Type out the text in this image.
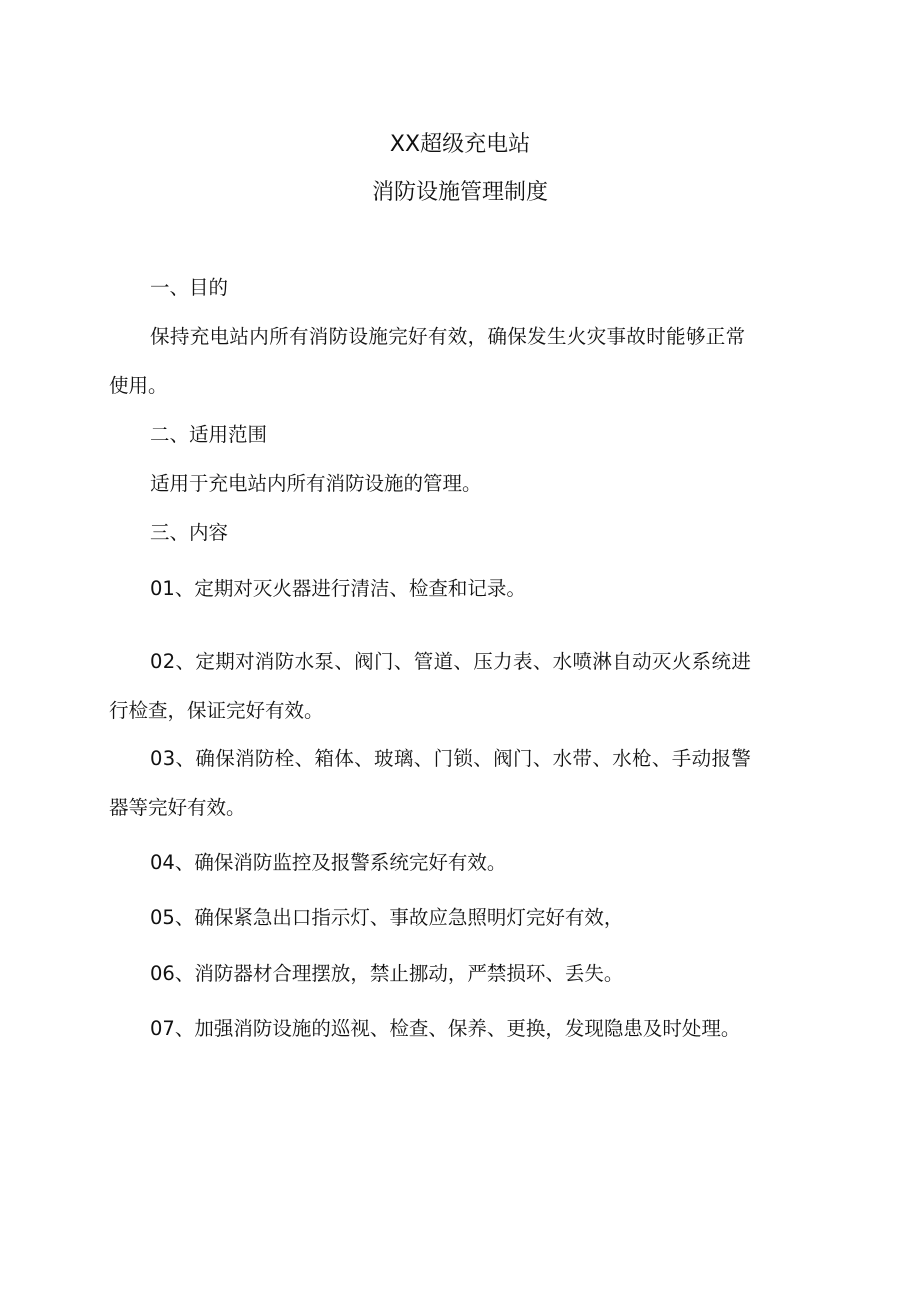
XX超级充电站
消防设施管理制度
一、目的
保持充电站内所有消防设施完好有效，确保发生火灾事故时能够正常
使用。
二、适用范围
适用于充电站内所有消防设施的管理。
三、内容
01、定期对灭火器进行清洁、检查和记录。
02、定期对消防水泵、阀门、管道、压力表、水喷淋自动灭火系统进
行检查，保证完好有效。
03、确保消防栓、箱体、玻璃、门锁、阀门、水带、水枪、手动报警
器等完好有效。
04、确保消防监控及报警系统完好有效。
05、确保紧急出口指示灯、事故应急照明灯完好有效，
06、消防器材合理摆放，禁止挪动，严禁损环、丢失。
07、加强消防设施的巡视、检查、保养、更换，发现隐患及时处理。
